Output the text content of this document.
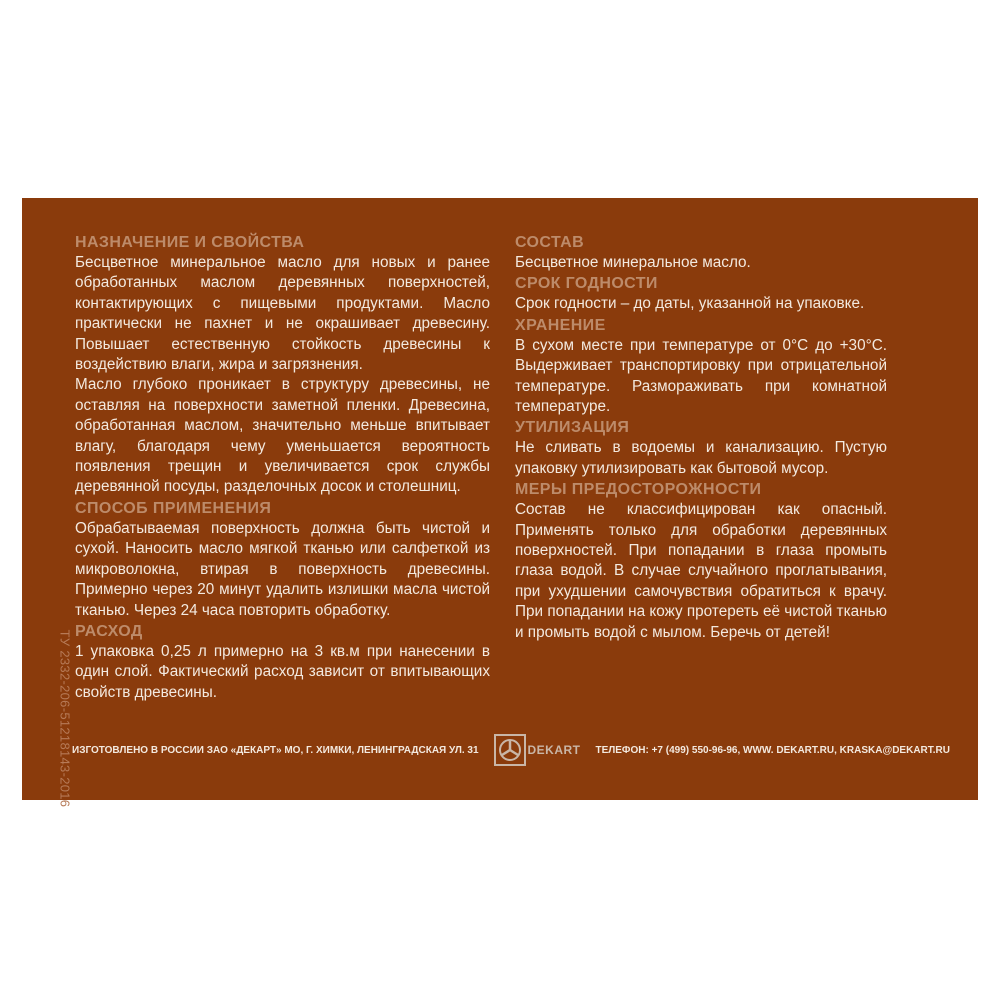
ТУ 2332-206-51218143-2016
НАЗНАЧЕНИЕ И СВОЙСТВА

Бесцветное минеральное масло для новых и ранее обработанных маслом деревянных поверхностей, контактирующих с пищевыми продуктами. Масло практически не пахнет и не окрашивает древесину. Повышает естественную стойкость древесины к воздействию влаги, жира и загрязнения.

Масло глубоко проникает в структуру древесины, не оставляя на поверхности заметной пленки. Древесина, обработанная маслом, значительно меньше впитывает влагу, благодаря чему уменьшается вероятность появления трещин и увеличивается срок службы деревянной посуды, разделочных досок и столешниц.

СПОСОБ ПРИМЕНЕНИЯ

Обрабатываемая поверхность должна быть чистой и сухой. Наносить масло мягкой тканью или салфеткой из микроволокна, втирая в поверхность древесины. Примерно через 20 минут удалить излишки масла чистой тканью. Через 24 часа повторить обработку.

РАСХОД

1 упаковка 0,25 л примерно на 3 кв.м при нанесении в один слой. Фактический расход зависит от впитывающих свойств древесины.

СОСТАВ

Бесцветное минеральное масло.

СРОК ГОДНОСТИ

Срок годности – до даты, указанной на упаковке.

ХРАНЕНИЕ

В сухом месте при температуре от 0°C до +30°C. Выдерживает транспортировку при отрицательной температуре. Размораживать при комнатной температуре.

УТИЛИЗАЦИЯ

Не сливать в водоемы и канализацию. Пустую упаковку утилизировать как бытовой мусор.

МЕРЫ ПРЕДОСТОРОЖНОСТИ

Состав не классифицирован как опасный. Применять только для обработки деревянных поверхностей. При попадании в глаза промыть глаза водой. В случае случайного проглатывания, при ухудшении самочувствия обратиться к врачу. При попадании на кожу протереть её чистой тканью и промыть водой с мылом. Беречь от детей!

ИЗГОТОВЛЕНО В РОССИИ ЗАО «ДЕКАРТ» МО, Г. ХИМКИ, ЛЕНИНГРАДСКАЯ УЛ. 31	DEKART ТЕЛЕФОН: +7 (499) 550-96-96, WWW. DEKART.RU, KRASKA@DEKART.RU
